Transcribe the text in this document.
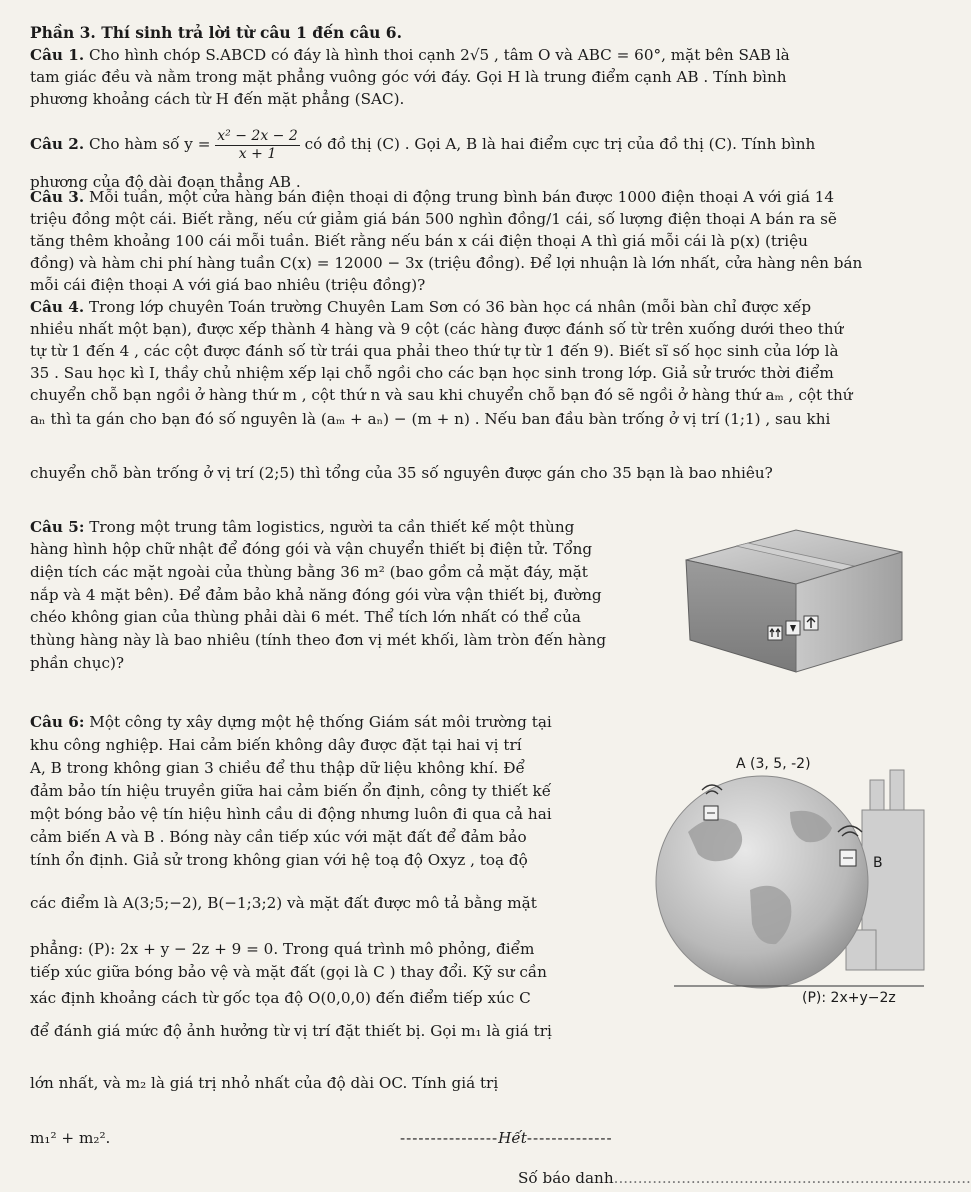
Phần 3. Thí sinh trả lời từ câu 1 đến câu 6.
Câu 1. Cho hình chóp S.ABCD có đáy là hình thoi cạnh 2√5 , tâm O và ABC = 60°, mặt bên SAB là
tam giác đều và nằm trong mặt phẳng vuông góc với đáy. Gọi H là trung điểm cạnh AB . Tính bình
phương khoảng cách từ H đến mặt phẳng (SAC).
Câu 2. Cho hàm số $y = \frac{\text{x² − 2x − 2}}{x + 1}$ có đồ thị (C) . Gọi A, B là hai điểm cực trị của đồ thị (C). Tính bình
phương của độ dài đoạn thẳng AB .
Câu 3. Mỗi tuần, một cửa hàng bán điện thoại di động trung bình bán được 1000 điện thoại A với giá 14
triệu đồng một cái. Biết rằng, nếu cứ giảm giá bán 500 nghìn đồng/1 cái, số lượng điện thoại A bán ra sẽ
tăng thêm khoảng 100 cái mỗi tuần. Biết rằng nếu bán x cái điện thoại A thì giá mỗi cái là p(x) (triệu
đồng) và hàm chi phí hàng tuần C(x) = 12000 − 3x (triệu đồng). Để lợi nhuận là lớn nhất, cửa hàng nên bán
mỗi cái điện thoại A với giá bao nhiêu (triệu đồng)?
Câu 4. Trong lớp chuyên Toán trường Chuyên Lam Sơn có 36 bàn học cá nhân (mỗi bàn chỉ được xếp
nhiều nhất một bạn), được xếp thành 4 hàng và 9 cột (các hàng được đánh số từ trên xuống dưới theo thứ
tự từ 1 đến 4 , các cột được đánh số từ trái qua phải theo thứ tự từ 1 đến 9). Biết sĩ số học sinh của lớp là
35 . Sau học kì I, thầy chủ nhiệm xếp lại chỗ ngồi cho các bạn học sinh trong lớp. Giả sử trước thời điểm
chuyển chỗ bạn ngồi ở hàng thứ m , cột thứ n và sau khi chuyển chỗ bạn đó sẽ ngồi ở hàng thứ aₘ , cột thứ
aₙ thì ta gán cho bạn đó số nguyên là (aₘ + aₙ) − (m + n) . Nếu ban đầu bàn trống ở vị trí (1;1) , sau khi
chuyển chỗ bàn trống ở vị trí (2;5) thì tổng của 35 số nguyên được gán cho 35 bạn là bao nhiêu?
Câu 5: Trong một trung tâm logistics, người ta cần thiết kế một thùng
hàng hình hộp chữ nhật để đóng gói và vận chuyển thiết bị điện tử. Tổng
diện tích các mặt ngoài của thùng bằng 36 m² (bao gồm cả mặt đáy, mặt
nắp và 4 mặt bên). Để đảm bảo khả năng đóng gói vừa vận thiết bị, đường
chéo không gian của thùng phải dài 6 mét. Thể tích lớn nhất có thể của
thùng hàng này là bao nhiêu (tính theo đơn vị mét khối, làm tròn đến hàng
phần chục)?
Câu 6: Một công ty xây dựng một hệ thống Giám sát môi trường tại
khu công nghiệp. Hai cảm biến không dây được đặt tại hai vị trí
A, B trong không gian 3 chiều để thu thập dữ liệu không khí. Để
đảm bảo tín hiệu truyền giữa hai cảm biến ổn định, công ty thiết kế
một bóng bảo vệ tín hiệu hình cầu di động nhưng luôn đi qua cả hai
cảm biến A và B . Bóng này cần tiếp xúc với mặt đất để đảm bảo
tính ổn định. Giả sử trong không gian với hệ toạ độ Oxyz , toạ độ
các điểm là A(3;5;−2), B(−1;3;2) và mặt đất được mô tả bằng mặt
phẳng: (P): 2x + y − 2z + 9 = 0. Trong quá trình mô phỏng, điểm
tiếp xúc giữa bóng bảo vệ và mặt đất (gọi là C ) thay đổi. Kỹ sư cần
xác định khoảng cách từ gốc tọa độ O(0,0,0) đến điểm tiếp xúc C
để đánh giá mức độ ảnh hưởng từ vị trí đặt thiết bị. Gọi m₁ là giá trị
lớn nhất, và m₂ là giá trị nhỏ nhất của độ dài OC. Tính giá trị
m₁² + m₂².
A (3, 5, -2)
B
(P): 2x+y−2z
----------------Hết--------------
Số báo danh..........................................................................
